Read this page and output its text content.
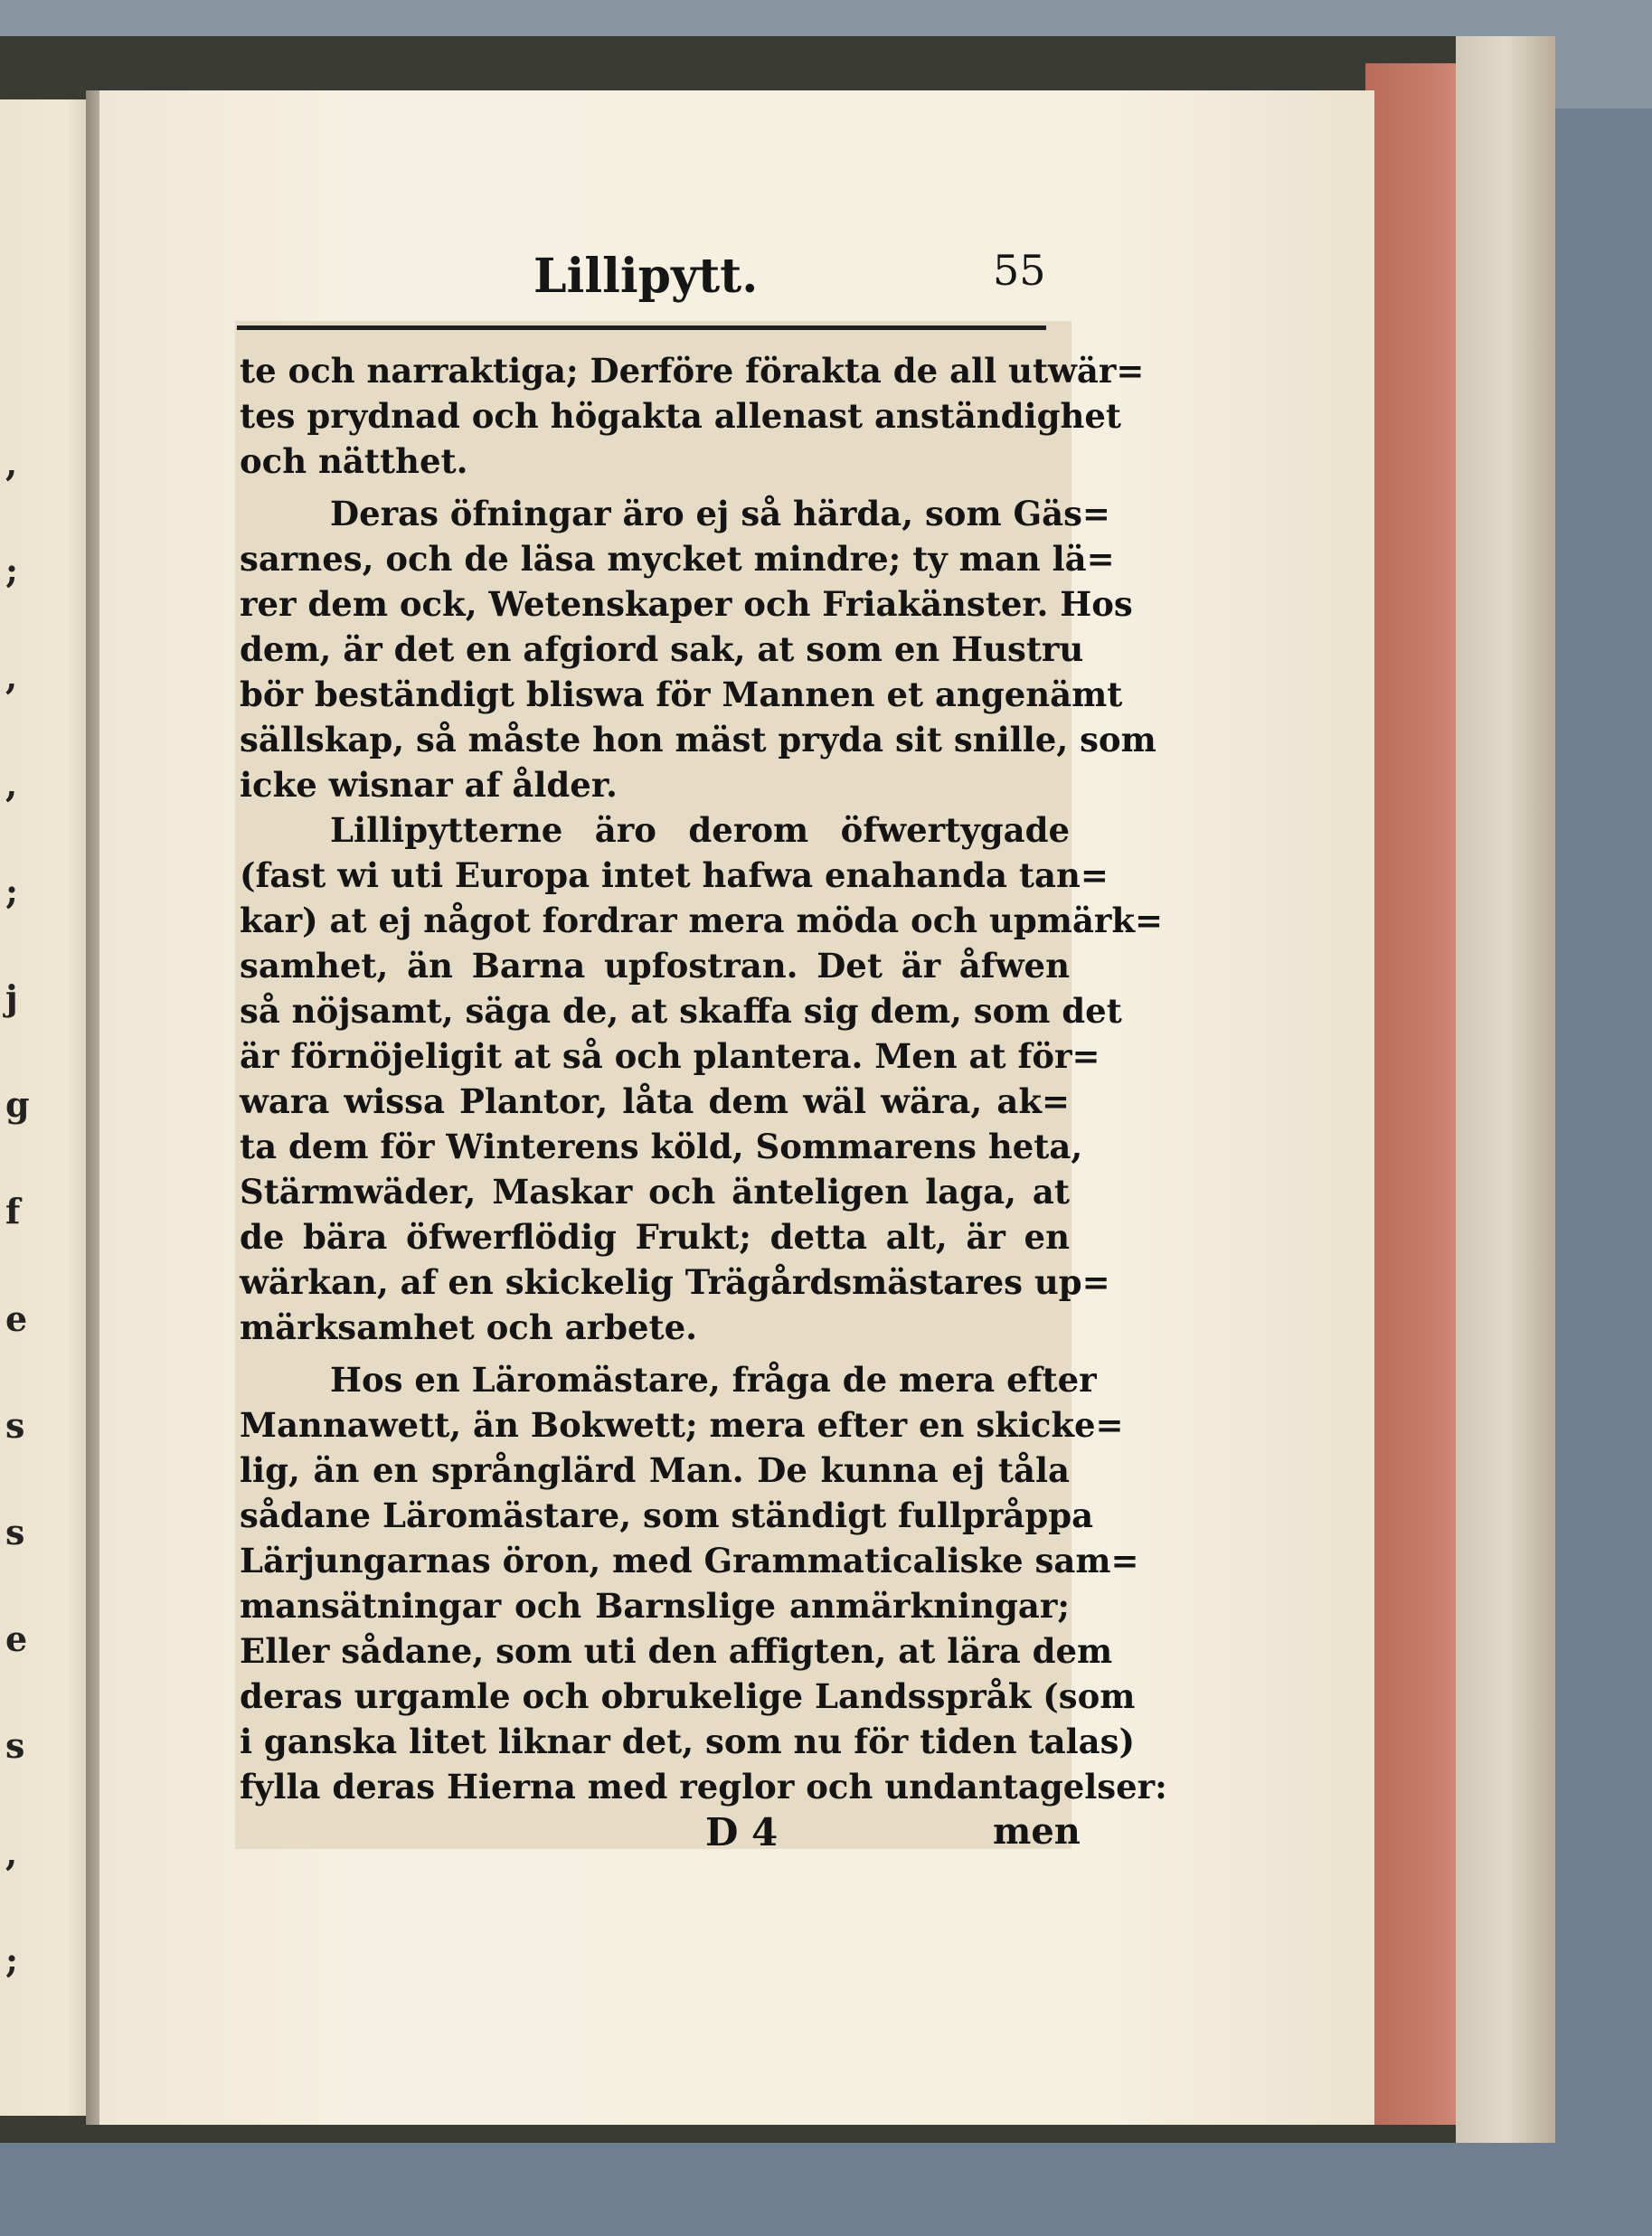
,
;
,
,
;
j
g
f
e
s
s
e
s
,
;
Lillipytt.	55
te och narraktiga; Derföre förakta de all utwär=
tes prydnad och högakta allenast anständighet
och nätthet.
Deras öfningar äro ej så härda, som Gäs=
sarnes, och de läsa mycket mindre; ty man lä=
rer dem ock, Wetenskaper och Friakänster. Hos
dem, är det en afgiord sak, at som en Hustru
bör beständigt bliswa för Mannen et angenämt
sällskap, så måste hon mäst pryda sit snille, som
icke wisnar af ålder.
Lillipytterne äro derom öfwertygade
(fast wi uti Europa intet hafwa enahanda tan=
kar) at ej något fordrar mera möda och upmärk=
samhet, än Barna upfostran. Det är åfwen
så nöjsamt, säga de, at skaffa sig dem, som det
är förnöjeligit at så och plantera. Men at för=
wara wissa Plantor, låta dem wäl wära, ak=
ta dem för Winterens köld, Sommarens heta,
Stärmwäder, Maskar och änteligen laga, at
de bära öfwerflödig Frukt; detta alt, är en
wärkan, af en skickelig Trägårdsmästares up=
märksamhet och arbete.
Hos en Läromästare, fråga de mera efter
Mannawett, än Bokwett; mera efter en skicke=
lig, än en språnglärd Man. De kunna ej tåla
sådane Läromästare, som ständigt fullpråppa
Lärjungarnas öron, med Grammaticaliske sam=
mansätningar och Barnslige anmärkningar;
Eller sådane, som uti den affigten, at lära dem
deras urgamle och obrukelige Landsspråk (som
i ganska litet liknar det, som nu för tiden talas)
fylla deras Hierna med reglor och undantagelser:
D 4	men
